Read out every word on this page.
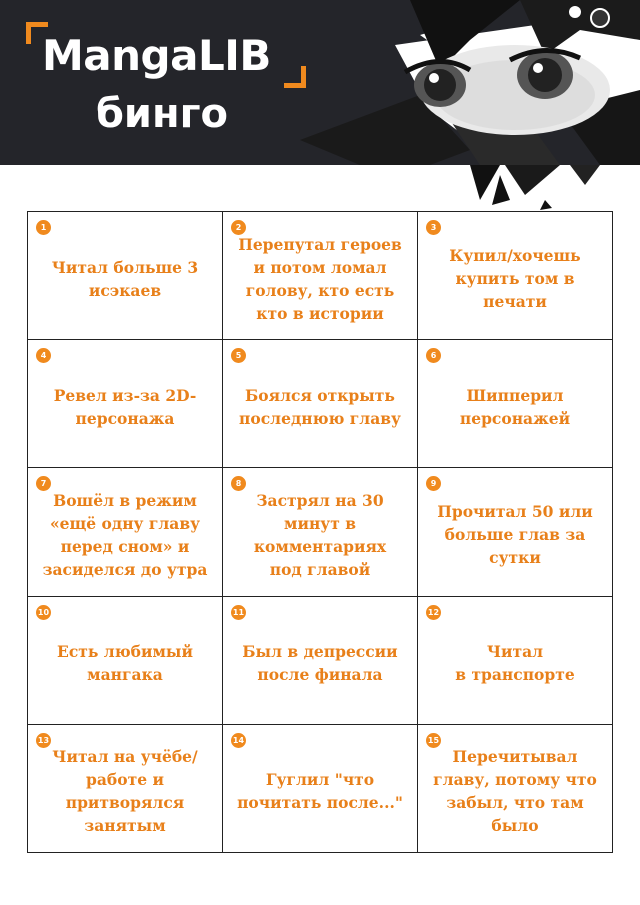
MangaLIB
бинго
1
Читал больше 3
исэкаев
2
Перепутал героев
и потом ломал
голову, кто есть
кто в истории
3
Купил/хочешь
купить том в
печати
4
Ревел из-за 2D-
персонажа
5
Боялся открыть
последнюю главу
6
Шипперил
персонажей
7
Вошёл в режим
«ещё одну главу
перед сном» и
засиделся до утра
8
Застрял на 30
минут в
комментариях
под главой
9
Прочитал 50 или
больше глав за
сутки
10
Есть любимый
мангака
11
Был в депрессии
после финала
12
Читал
в транспорте
13
Читал на учёбе/
работе и
притворялся
занятым
14
Гуглил "что
почитать после..."
15
Перечитывал
главу, потому что
забыл, что там
было
